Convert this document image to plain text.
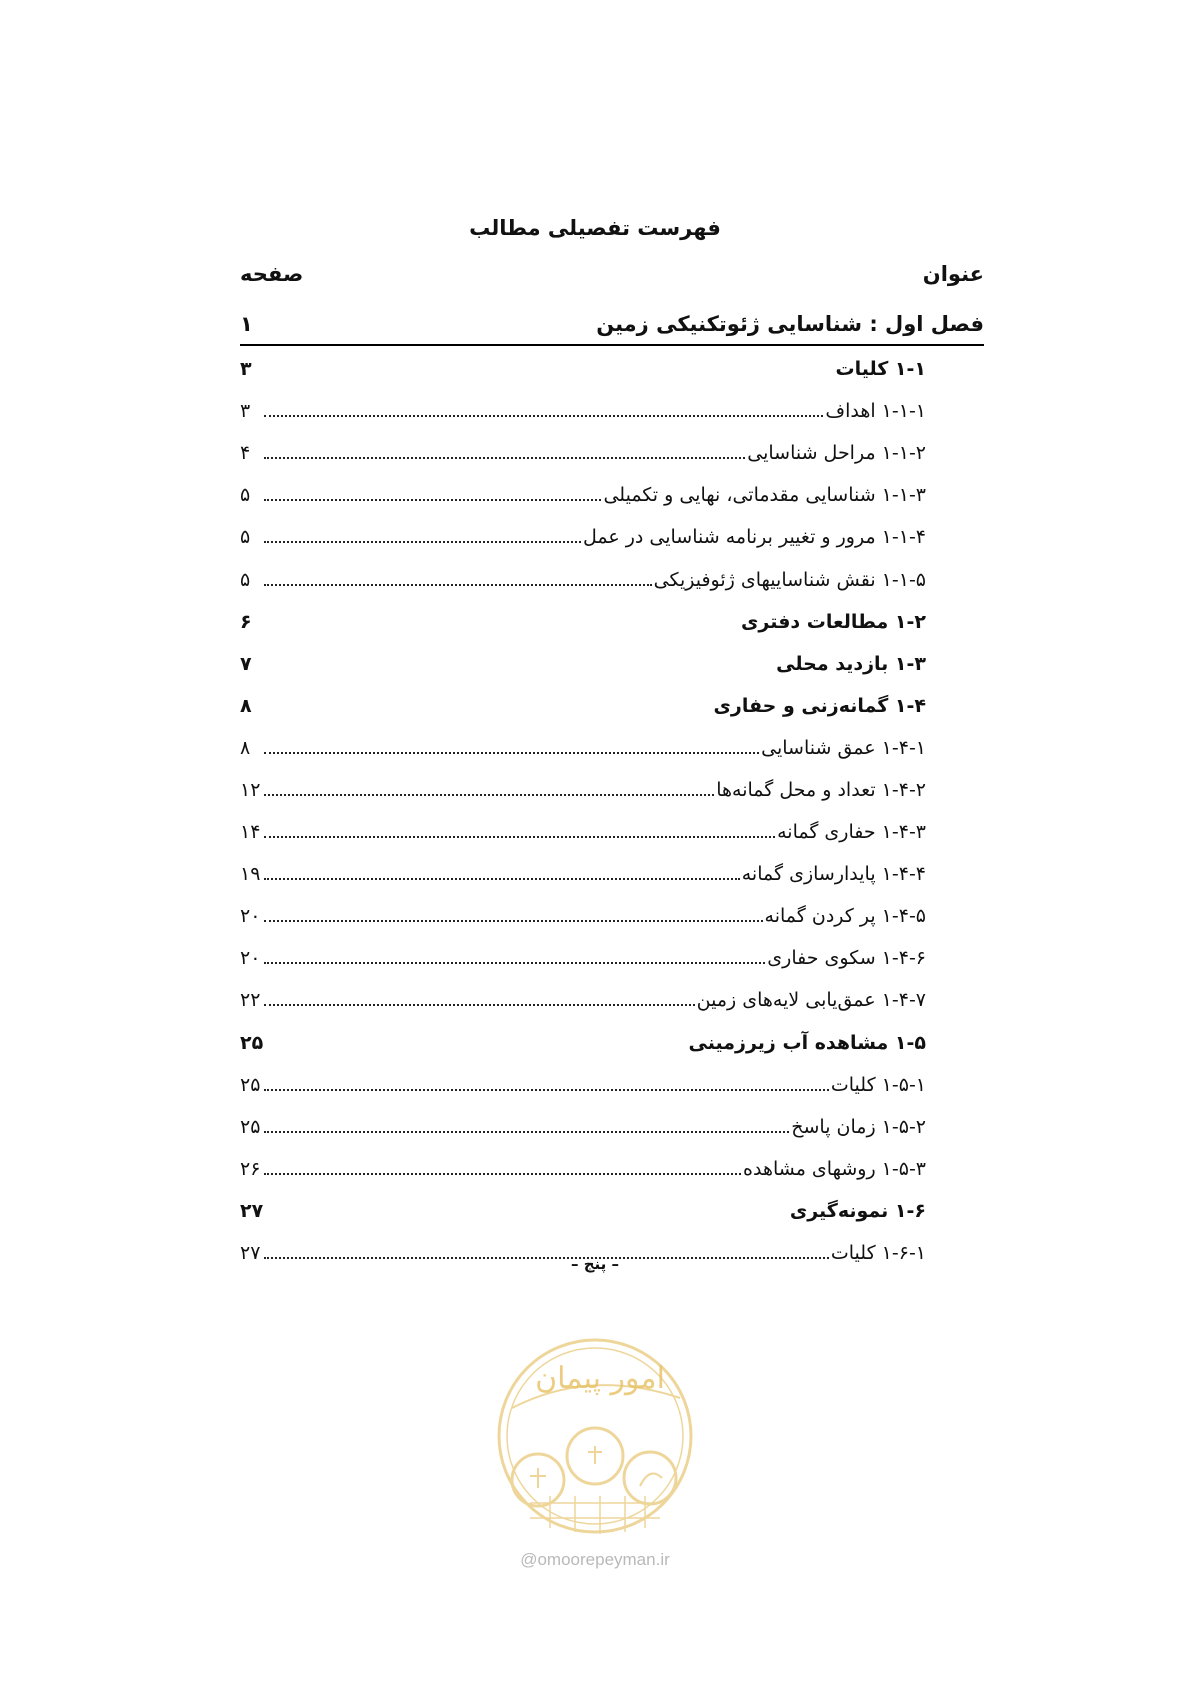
فهرست تفصیلی مطالب
عنوان
صفحه
فصل اول : شناسایی ژئوتکنیکی زمین
۱
۱-۱ کلیات
۳
۱-۱-۱ اهداف
۳
۱-۱-۲ مراحل شناسایی
۴
۱-۱-۳ شناسایی مقدماتی، نهایی و تکمیلی
۵
۱-۱-۴ مرور و تغییر برنامه شناسایی در عمل
۵
۱-۱-۵ نقش شناساییهای ژئوفیزیکی
۵
۱-۲ مطالعات دفتری
۶
۱-۳ بازدید محلی
۷
۱-۴ گمانه‌زنی و حفاری
۸
۱-۴-۱ عمق شناسایی
۸
۱-۴-۲ تعداد و محل گمانه‌ها
۱۲
۱-۴-۳ حفاری گمانه
۱۴
۱-۴-۴ پایدارسازی گمانه
۱۹
۱-۴-۵ پر کردن گمانه
۲۰
۱-۴-۶ سکوی حفاری
۲۰
۱-۴-۷ عمق‌یابی لایه‌های زمین
۲۲
۱-۵ مشاهده آب زیرزمینی
۲۵
۱-۵-۱ کلیات
۲۵
۱-۵-۲ زمان پاسخ
۲۵
۱-۵-۳ روشهای مشاهده
۲۶
۱-۶ نمونه‌گیری
۲۷
۱-۶-۱ کلیات
۲۷	– پنج –
امور پیمان
@omoorepeyman.ir
